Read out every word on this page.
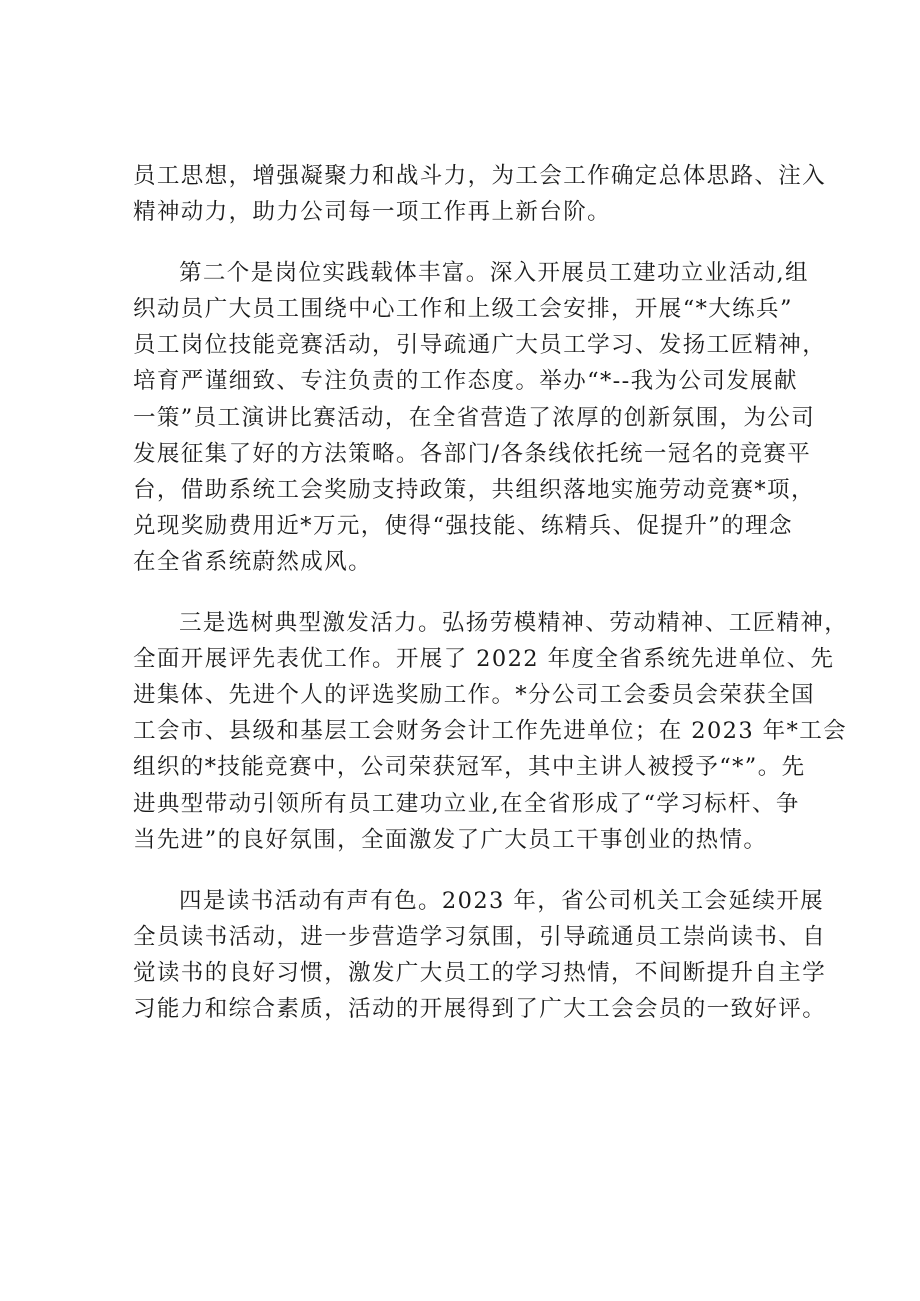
员工思想，增强凝聚力和战斗力，为工会工作确定总体思路、注入
精神动力，助力公司每一项工作再上新台阶。
第二个是岗位实践载体丰富。深入开展员工建功立业活动,组
织动员广大员工围绕中心工作和上级工会安排，开展“*大练兵”
员工岗位技能竞赛活动，引导疏通广大员工学习、发扬工匠精神，
培育严谨细致、专注负责的工作态度。举办“*--我为公司发展献
一策”员工演讲比赛活动，在全省营造了浓厚的创新氛围，为公司
发展征集了好的方法策略。各部门/各条线依托统一冠名的竞赛平
台，借助系统工会奖励支持政策，共组织落地实施劳动竞赛*项，
兑现奖励费用近*万元，使得“强技能、练精兵、促提升”的理念
在全省系统蔚然成风。
三是选树典型激发活力。弘扬劳模精神、劳动精神、工匠精神，
全面开展评先表优工作。开展了 2022 年度全省系统先进单位、先
进集体、先进个人的评选奖励工作。*分公司工会委员会荣获全国
工会市、县级和基层工会财务会计工作先进单位；在 2023 年*工会
组织的*技能竞赛中，公司荣获冠军，其中主讲人被授予“*”。先
进典型带动引领所有员工建功立业,在全省形成了“学习标杆、争
当先进”的良好氛围，全面激发了广大员工干事创业的热情。
四是读书活动有声有色。2023 年，省公司机关工会延续开展
全员读书活动，进一步营造学习氛围，引导疏通员工崇尚读书、自
觉读书的良好习惯，激发广大员工的学习热情，不间断提升自主学
习能力和综合素质，活动的开展得到了广大工会会员的一致好评。
